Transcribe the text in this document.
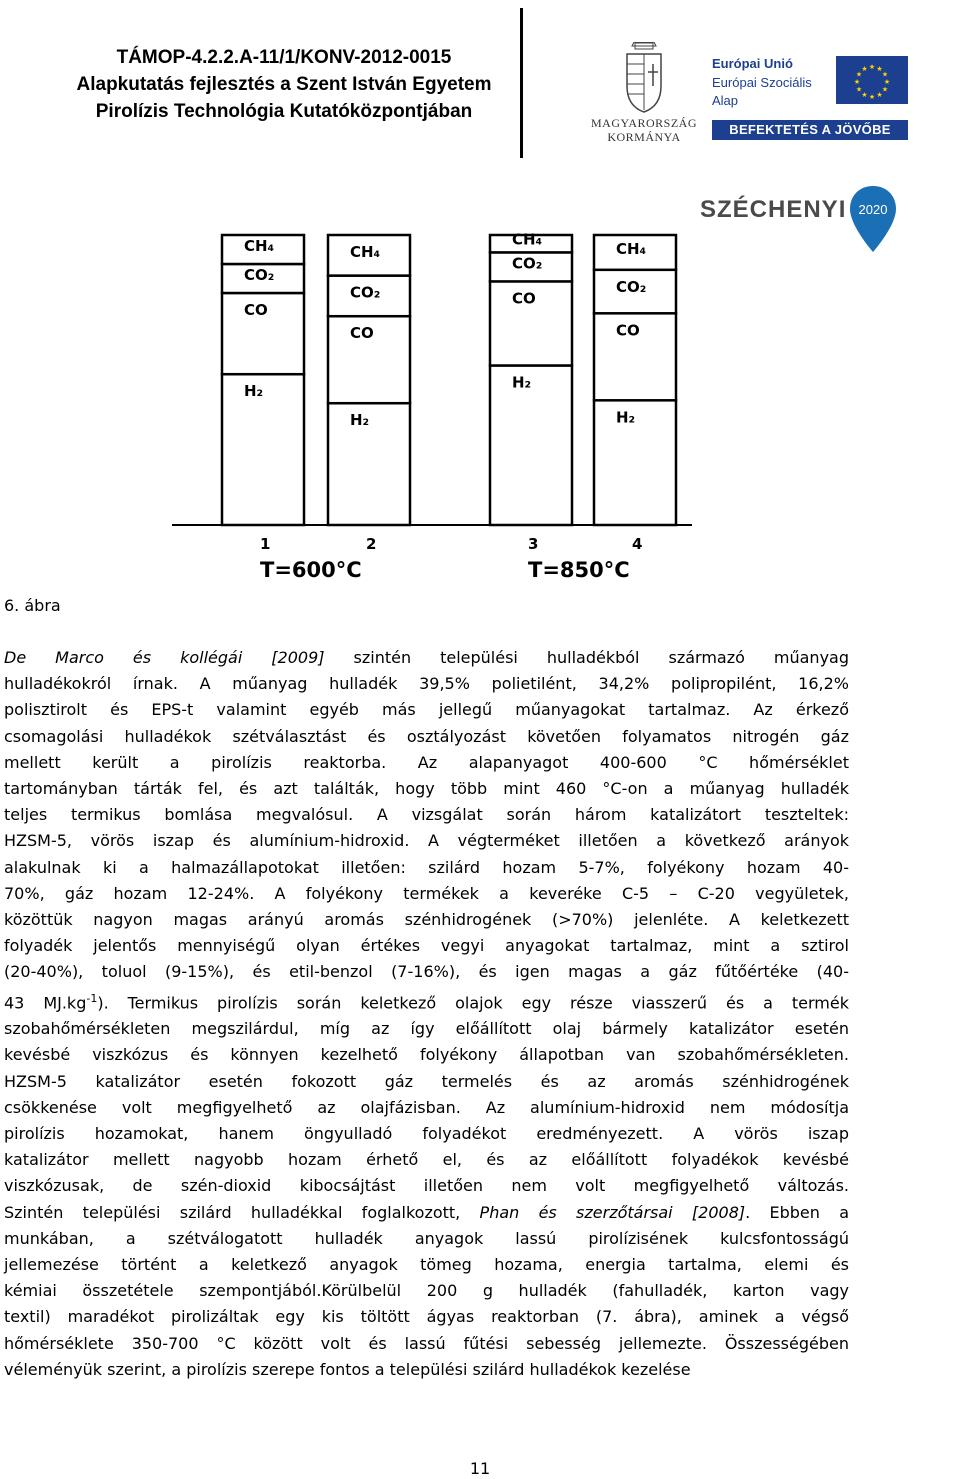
TÁMOP-4.2.2.A-11/1/KONV-2012-0015
Alapkutatás fejlesztés a Szent István Egyetem
Pirolízis Technológia Kutatóközpontjában
MAGYARORSZÁG
KORMÁNYA
Európai Unió
Európai Szociális
Alap
★ ★
★
★
★
★
★
★
★
★
★
★
BEFEKTETÉS A JÖVŐBE
SZÉCHENYI 2020
H₂
CO
CO₂
CH₄
1
H₂
CO
CO₂
CH₄
2
H₂
CO
CO₂
CH₄
3
H₂
CO
CO₂
CH₄
4
T=600°C	T=850°C
6. ábra

De Marco és kollégái [2009] szintén települési hulladékból származó műanyag

hulladékokról írnak. A műanyag hulladék 39,5% polietilént, 34,2% polipropilént, 16,2%

polisztirolt és EPS-t valamint egyéb más jellegű műanyagokat tartalmaz. Az érkező

csomagolási hulladékok szétválasztást és osztályozást követően folyamatos nitrogén gáz

mellett került a pirolízis reaktorba. Az alapanyagot 400-600 °C hőmérséklet

tartományban tárták fel, és azt találták, hogy több mint 460 °C-on a műanyag hulladék

teljes termikus bomlása megvalósul. A vizsgálat során három katalizátort teszteltek:

HZSM-5, vörös iszap és alumínium-hidroxid. A végterméket illetően a következő arányok

alakulnak ki a halmazállapotokat illetően: szilárd hozam 5-7%, folyékony hozam 40-

70%, gáz hozam 12-24%. A folyékony termékek a keveréke C-5 – C-20 vegyületek,

közöttük nagyon magas arányú aromás szénhidrogének (>70%) jelenléte. A keletkezett

folyadék jelentős mennyiségű olyan értékes vegyi anyagokat tartalmaz, mint a sztirol

(20-40%), toluol (9-15%), és etil-benzol (7-16%), és igen magas a gáz fűtőértéke (40-

43 $MJ.kg^{-1}$). Termikus pirolízis során keletkező olajok egy része viasszerű és a termék

szobahőmérsékleten megszilárdul, míg az így előállított olaj bármely katalizátor esetén

kevésbé viszkózus és könnyen kezelhető folyékony állapotban van szobahőmérsékleten.

HZSM-5 katalizátor esetén fokozott gáz termelés és az aromás szénhidrogének

csökkenése volt megfigyelhető az olajfázisban. Az alumínium-hidroxid nem módosítja

pirolízis hozamokat, hanem öngyulladó folyadékot eredményezett. A vörös iszap

katalizátor mellett nagyobb hozam érhető el, és az előállított folyadékok kevésbé

viszkózusak, de szén-dioxid kibocsájtást illetően nem volt megfigyelhető változás.

Szintén települési szilárd hulladékkal foglalkozott, Phan és szerzőtársai [2008]. Ebben a

munkában, a szétválogatott hulladék anyagok lassú pirolízisének kulcsfontosságú

jellemezése történt a keletkező anyagok tömeg hozama, energia tartalma, elemi és

kémiai összetétele szempontjából.Körülbelül 200 g hulladék (fahulladék, karton vagy

textil) maradékot pirolizáltak egy kis töltött ágyas reaktorban (7. ábra), aminek a végső

hőmérséklete 350-700 °C között volt és lassú fűtési sebesség jellemezte. Összességében

véleményük szerint, a pirolízis szerepe fontos a települési szilárd hulladékok kezelése

11
